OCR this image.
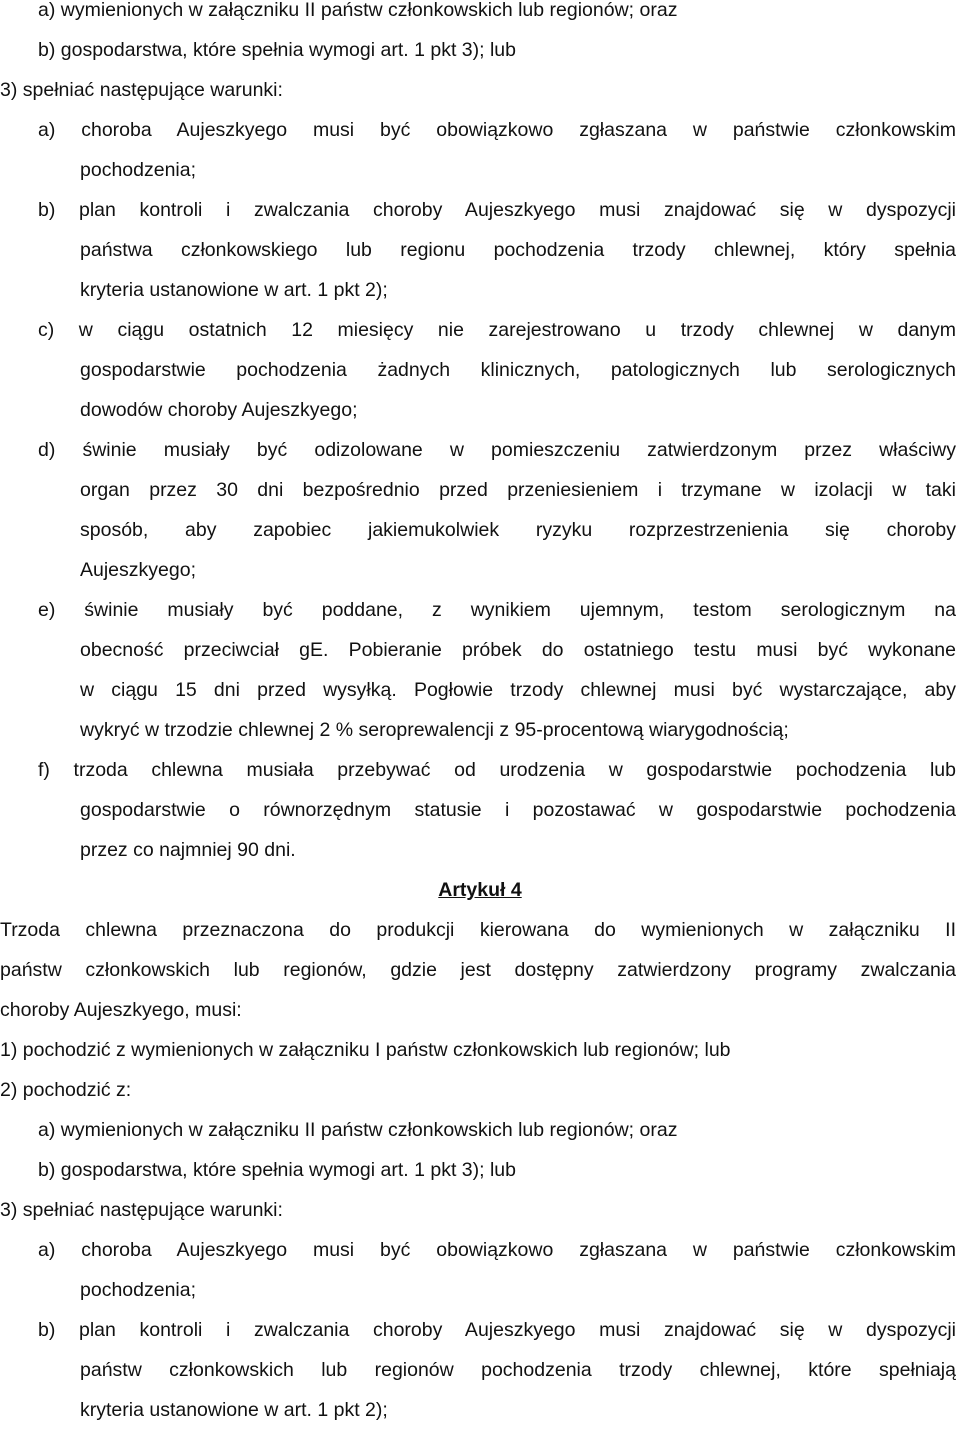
a) wymienionych w załączniku II państw członkowskich lub regionów; oraz
b) gospodarstwa, które spełnia wymogi art. 1 pkt 3); lub
3) spełniać następujące warunki:
a) choroba Aujeszkyego musi być obowiązkowo zgłaszana w państwie członkowskim
pochodzenia;
b) plan kontroli i zwalczania choroby Aujeszkyego musi znajdować się w dyspozycji
państwa członkowskiego lub regionu pochodzenia trzody chlewnej, który spełnia
kryteria ustanowione w art. 1 pkt 2);
c) w ciągu ostatnich 12 miesięcy nie zarejestrowano u trzody chlewnej w danym
gospodarstwie pochodzenia żadnych klinicznych, patologicznych lub serologicznych
dowodów choroby Aujeszkyego;
d) świnie musiały być odizolowane w pomieszczeniu zatwierdzonym przez właściwy
organ przez 30 dni bezpośrednio przed przeniesieniem i trzymane w izolacji w taki
sposób, aby zapobiec jakiemukolwiek ryzyku rozprzestrzenienia się choroby
Aujeszkyego;
e) świnie musiały być poddane, z wynikiem ujemnym, testom serologicznym na
obecność przeciwciał gE. Pobieranie próbek do ostatniego testu musi być wykonane
w ciągu 15 dni przed wysyłką. Pogłowie trzody chlewnej musi być wystarczające, aby
wykryć w trzodzie chlewnej 2 % seroprewalencji z 95-procentową wiarygodnością;
f) trzoda chlewna musiała przebywać od urodzenia w gospodarstwie pochodzenia lub
gospodarstwie o równorzędnym statusie i pozostawać w gospodarstwie pochodzenia
przez co najmniej 90 dni.
Artykuł 4
Trzoda chlewna przeznaczona do produkcji kierowana do wymienionych w załączniku II
państw członkowskich lub regionów, gdzie jest dostępny zatwierdzony programy zwalczania
choroby Aujeszkyego, musi:
1) pochodzić z wymienionych w załączniku I państw członkowskich lub regionów; lub
2) pochodzić z:
a) wymienionych w załączniku II państw członkowskich lub regionów; oraz
b) gospodarstwa, które spełnia wymogi art. 1 pkt 3); lub
3) spełniać następujące warunki:
a) choroba Aujeszkyego musi być obowiązkowo zgłaszana w państwie członkowskim
pochodzenia;
b) plan kontroli i zwalczania choroby Aujeszkyego musi znajdować się w dyspozycji
państw członkowskich lub regionów pochodzenia trzody chlewnej, które spełniają
kryteria ustanowione w art. 1 pkt 2);
